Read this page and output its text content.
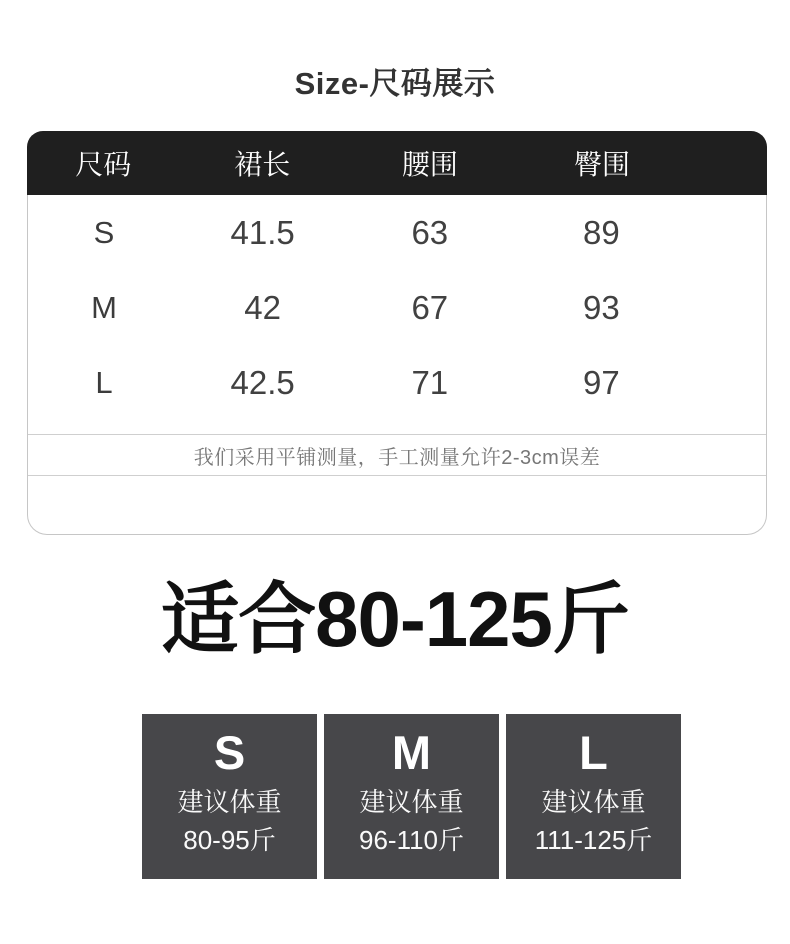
Size-尺码展示
尺码	裙长	腰围	臀围
S	41.5	63	89
M	42	67	93
L	42.5	71	97
我们采用平铺测量，手工测量允许2-3cm误差
适合80-125斤
S
建议体重
80-95斤
M
建议体重
96-110斤
L
建议体重
111-125斤
